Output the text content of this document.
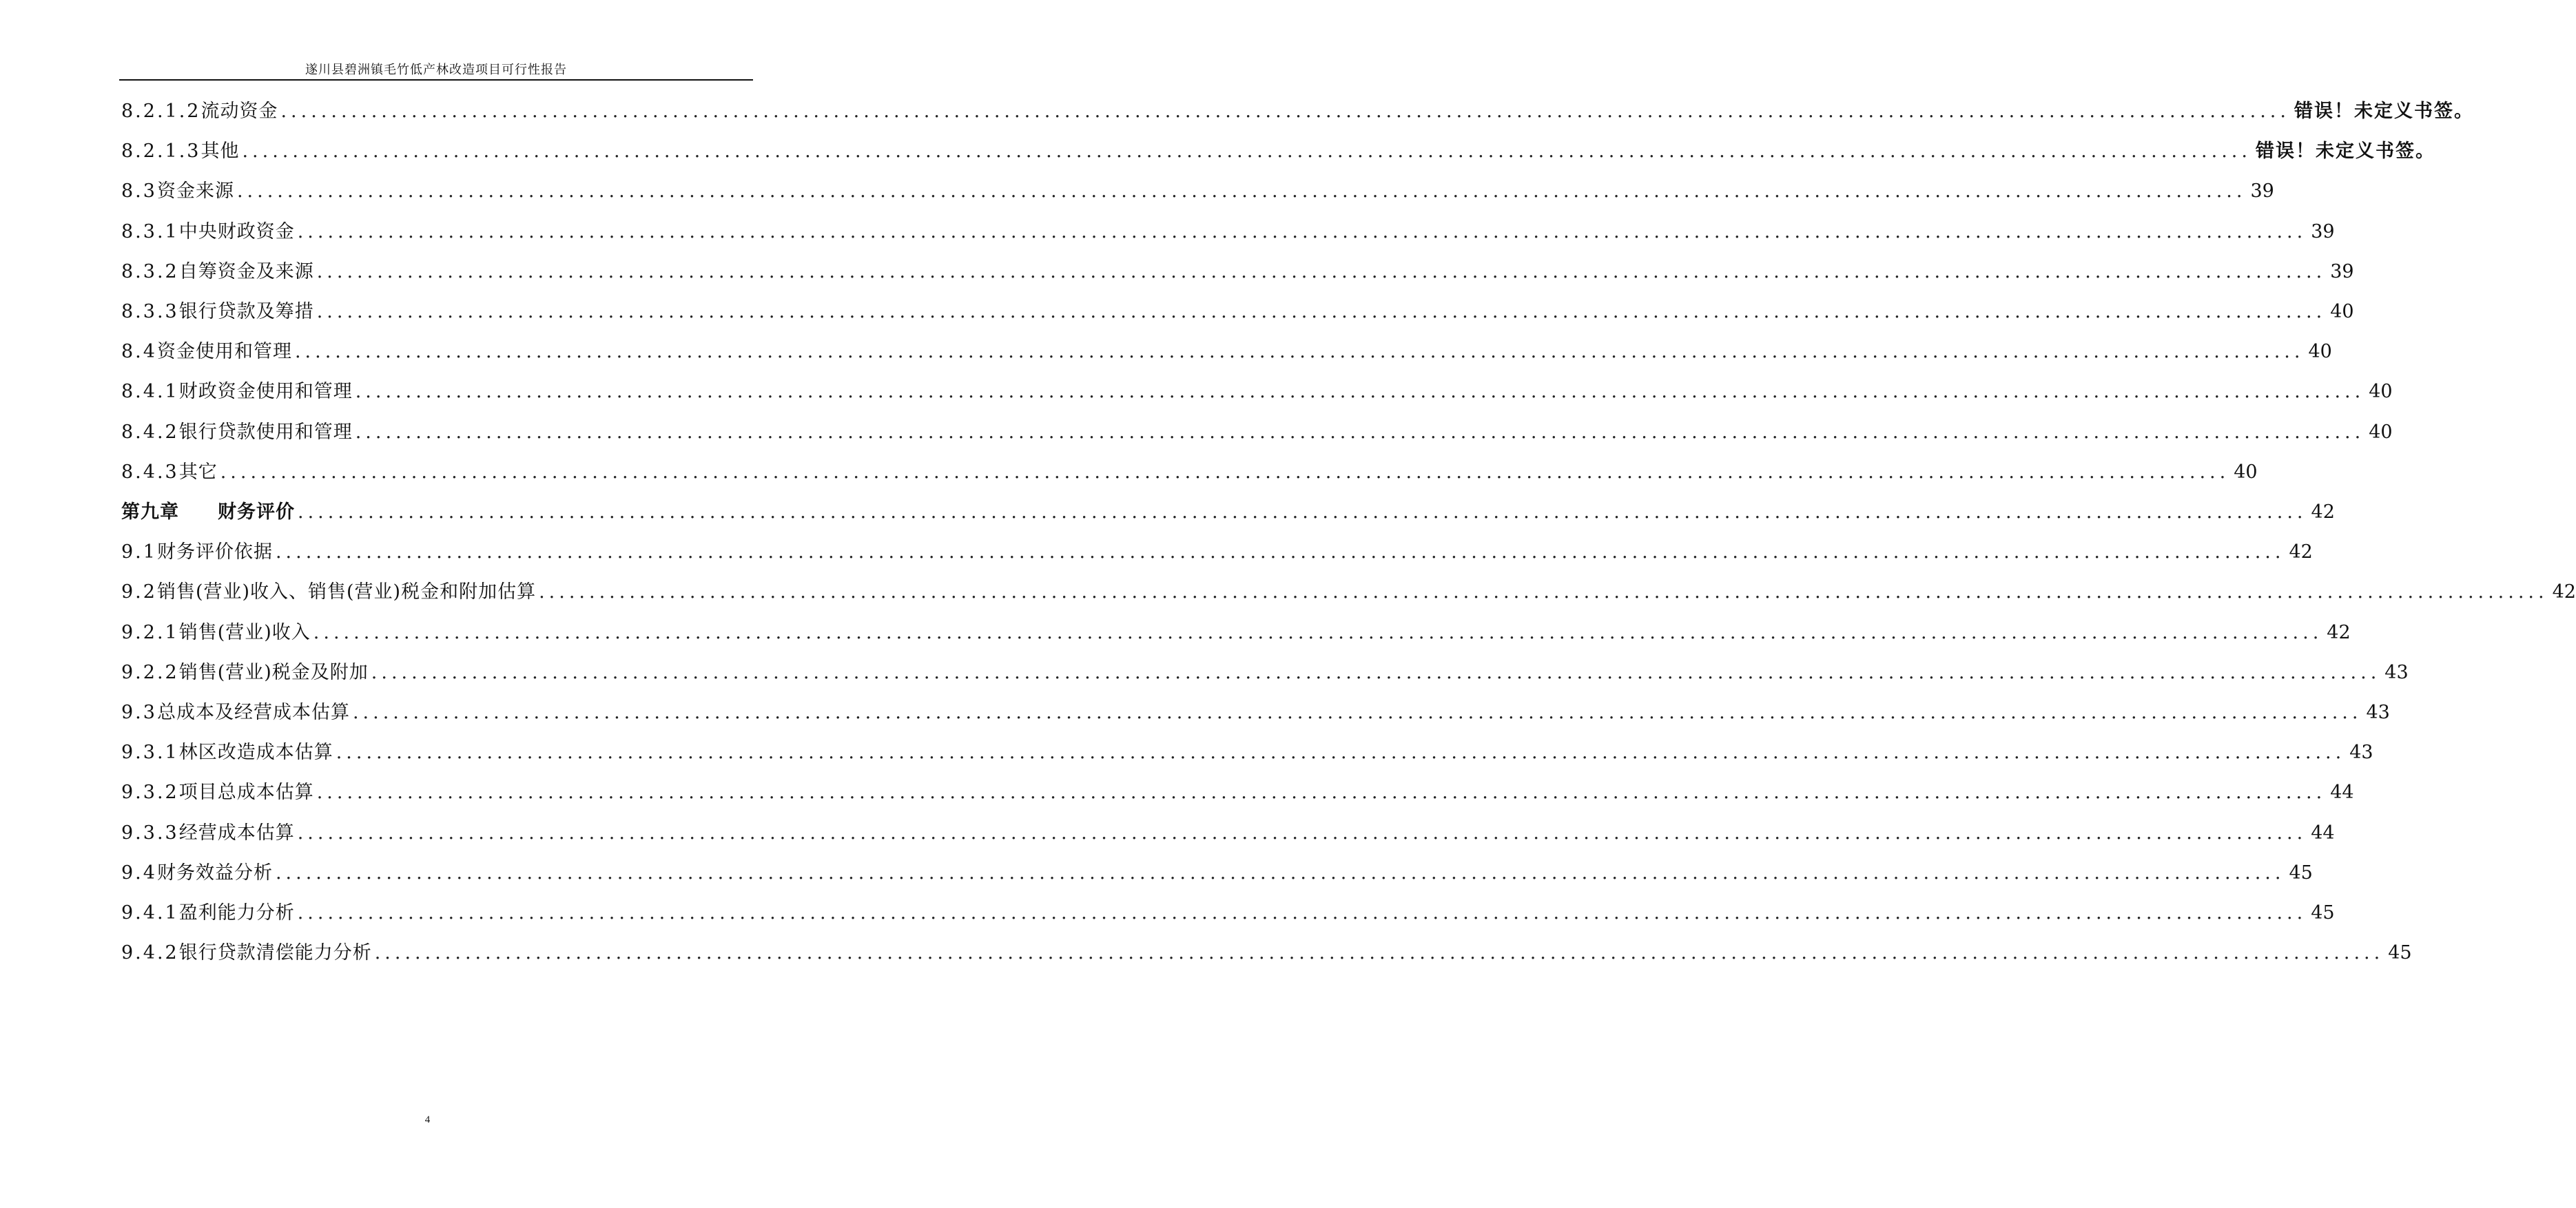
遂川县碧洲镇毛竹低产林改造项目可行性报告
8.2.1.2 流动资金 ........................................................................................................................................................................................................ 错误！未定义书签。
8.2.1.3 其他 ........................................................................................................................................................................................................ 错误！未定义书签。
8.3 资金来源 ........................................................................................................................................................................................................ 39
8.3.1 中央财政资金 ........................................................................................................................................................................................................ 39
8.3.2 自筹资金及来源 ........................................................................................................................................................................................................ 39
8.3.3 银行贷款及筹措 ........................................................................................................................................................................................................ 40
8.4 资金使用和管理 ........................................................................................................................................................................................................ 40
8.4.1 财政资金使用和管理 ........................................................................................................................................................................................................ 40
8.4.2 银行贷款使用和管理 ........................................................................................................................................................................................................ 40
8.4.3 其它 ........................................................................................................................................................................................................ 40
第九章 财务评价 ........................................................................................................................................................................................................ 42
9.1 财务评价依据 ........................................................................................................................................................................................................ 42
9.2 销售(营业)收入、销售(营业)税金和附加估算 ........................................................................................................................................................................................................ 42
9.2.1 销售(营业)收入 ........................................................................................................................................................................................................ 42
9.2.2 销售(营业)税金及附加 ........................................................................................................................................................................................................ 43
9.3 总成本及经营成本估算 ........................................................................................................................................................................................................ 43
9.3.1 林区改造成本估算 ........................................................................................................................................................................................................ 43
9.3.2 项目总成本估算 ........................................................................................................................................................................................................ 44
9.3.3 经营成本估算 ........................................................................................................................................................................................................ 44
9.4 财务效益分析 ........................................................................................................................................................................................................ 45
9.4.1 盈利能力分析 ........................................................................................................................................................................................................ 45
9.4.2 银行贷款清偿能力分析 ........................................................................................................................................................................................................ 45
4
